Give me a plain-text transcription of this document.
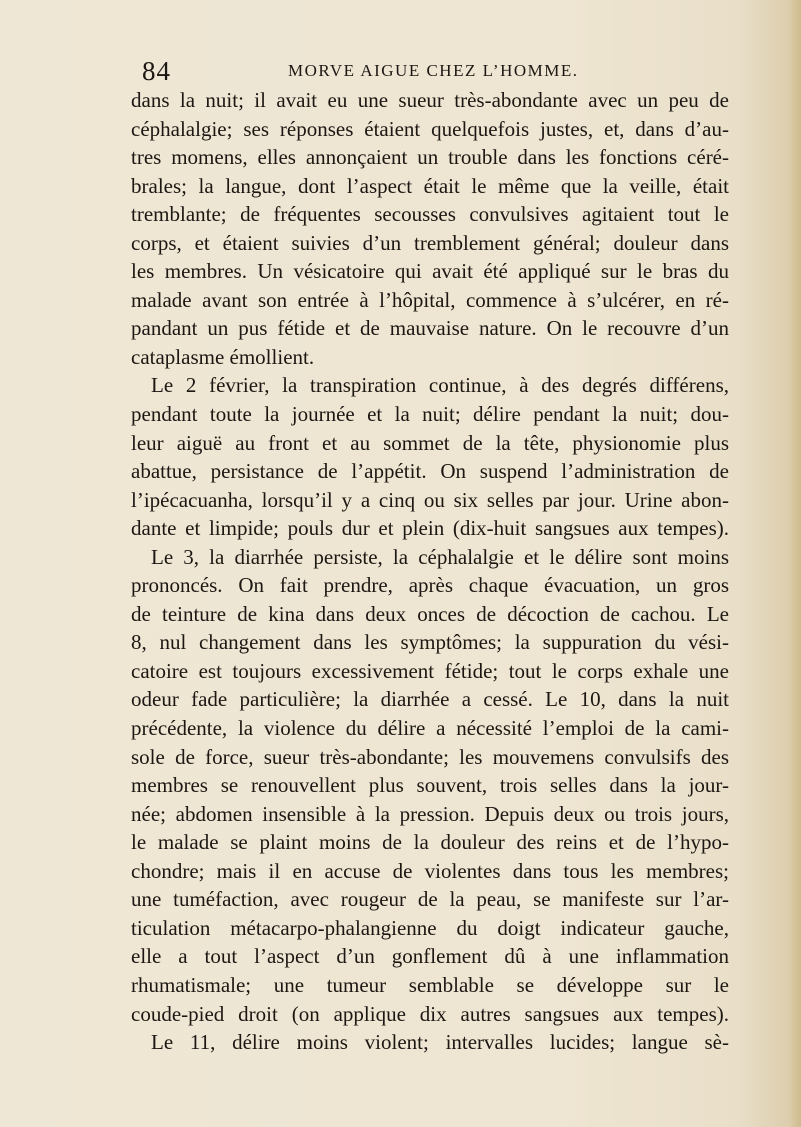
84	MORVE AIGUE CHEZ L’HOMME.
dans la nuit; il avait eu une sueur très-abondante avec un peu de
céphalalgie; ses réponses étaient quelquefois justes, et, dans d’au-
tres momens, elles annonçaient un trouble dans les fonctions céré-
brales; la langue, dont l’aspect était le même que la veille, était
tremblante; de fréquentes secousses convulsives agitaient tout le
corps, et étaient suivies d’un tremblement général; douleur dans
les membres. Un vésicatoire qui avait été appliqué sur le bras du
malade avant son entrée à l’hôpital, commence à s’ulcérer, en ré-
pandant un pus fétide et de mauvaise nature. On le recouvre d’un
cataplasme émollient.
Le 2 février, la transpiration continue, à des degrés différens,
pendant toute la journée et la nuit; délire pendant la nuit; dou-
leur aiguë au front et au sommet de la tête, physionomie plus
abattue, persistance de l’appétit. On suspend l’administration de
l’ipécacuanha, lorsqu’il y a cinq ou six selles par jour. Urine abon-
dante et limpide; pouls dur et plein (dix-huit sangsues aux tempes).
Le 3, la diarrhée persiste, la céphalalgie et le délire sont moins
prononcés. On fait prendre, après chaque évacuation, un gros
de teinture de kina dans deux onces de décoction de cachou. Le
8, nul changement dans les symptômes; la suppuration du vési-
catoire est toujours excessivement fétide; tout le corps exhale une
odeur fade particulière; la diarrhée a cessé. Le 10, dans la nuit
précédente, la violence du délire a nécessité l’emploi de la cami-
sole de force, sueur très-abondante; les mouvemens convulsifs des
membres se renouvellent plus souvent, trois selles dans la jour-
née; abdomen insensible à la pression. Depuis deux ou trois jours,
le malade se plaint moins de la douleur des reins et de l’hypo-
chondre; mais il en accuse de violentes dans tous les membres;
une tuméfaction, avec rougeur de la peau, se manifeste sur l’ar-
ticulation métacarpo-phalangienne du doigt indicateur gauche,
elle a tout l’aspect d’un gonflement dû à une inflammation
rhumatismale; une tumeur semblable se développe sur le
coude-pied droit (on applique dix autres sangsues aux tempes).
Le 11, délire moins violent; intervalles lucides; langue sè-
